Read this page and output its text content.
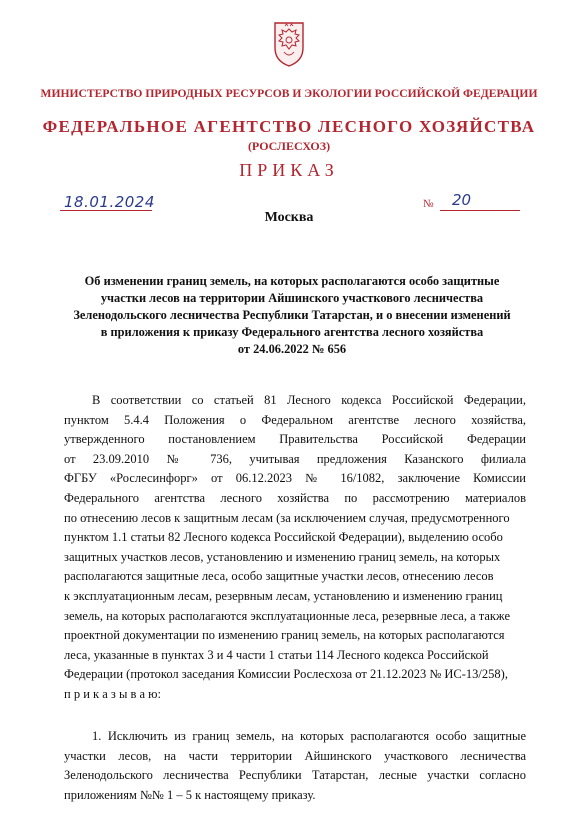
МИНИСТЕРСТВО ПРИРОДНЫХ РЕСУРСОВ И ЭКОЛОГИИ РОССИЙСКОЙ ФЕДЕРАЦИИ
ФЕДЕРАЛЬНОЕ АГЕНТСТВО ЛЕСНОГО ХОЗЯЙСТВА
(РОСЛЕСХОЗ)
ПРИКАЗ
18.01.2024
Москва
№ 20
Об изменении границ земель, на которых располагаются особо защитные
участки лесов на территории Айшинского участкового лесничества
Зеленодольского лесничества Республики Татарстан, и о внесении изменений
в приложения к приказу Федерального агентства лесного хозяйства
от 24.06.2022 № 656
В соответствии со статьей 81 Лесного кодекса Российской Федерации,
пунктом 5.4.4 Положения о Федеральном агентстве лесного хозяйства,
утвержденного постановлением Правительства Российской Федерации
от 23.09.2010 № 736, учитывая предложения Казанского филиала
ФГБУ «Рослесинфорг» от 06.12.2023 № 16/1082, заключение Комиссии
Федерального агентства лесного хозяйства по рассмотрению материалов
по отнесению лесов к защитным лесам (за исключением случая, предусмотренного
пунктом 1.1 статьи 82 Лесного кодекса Российской Федерации), выделению особо
защитных участков лесов, установлению и изменению границ земель, на которых
располагаются защитные леса, особо защитные участки лесов, отнесению лесов
к эксплуатационным лесам, резервным лесам, установлению и изменению границ
земель, на которых располагаются эксплуатационные леса, резервные леса, а также
проектной документации по изменению границ земель, на которых располагаются
леса, указанные в пунктах 3 и 4 части 1 статьи 114 Лесного кодекса Российской
Федерации (протокол заседания Комиссии Рослесхоза от 21.12.2023 № ИС-13/258),
п р и к а з ы в а ю:
1. Исключить из границ земель, на которых располагаются особо защитные
участки лесов, на части территории Айшинского участкового лесничества
Зеленодольского лесничества Республики Татарстан, лесные участки согласно
приложениям №№ 1 – 5 к настоящему приказу.
